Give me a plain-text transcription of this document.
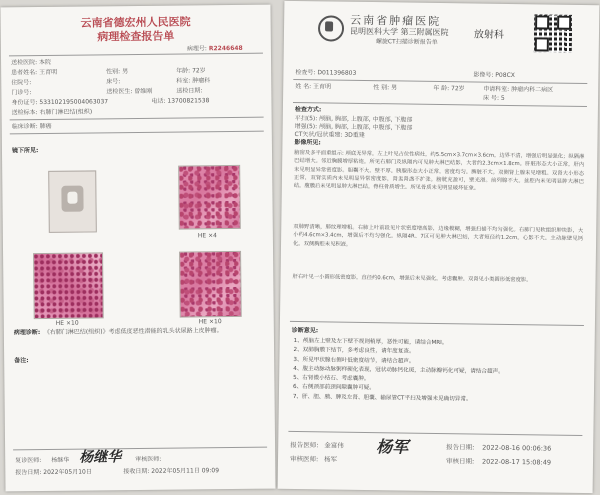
云南省德宏州人民医院
病理检查报告单
病理号: R2246648
送检医院: 本院
患者姓名: 王育明	性别: 男	年龄: 72岁
住院号:	床号:	科室: 肿瘤科
门诊号:	送检医生: 曾维刚	送检日期:
身份证号: 533102195004063037	电话: 13700821538
送检标本: 右肺门淋巴结(组织)
临床诊断: 肺癌
镜下所见:
HE ×4
HE ×10	HE ×10
病理诊断: 《右肺门淋巴结(组织)》考虑低度恶性潜能的乳头状尿路上皮肿瘤。
备注:
复诊医师: 杨继华 杨继华 审核医师:
报告日期: 2022年05月10日	接收日期: 2022年05月11日 09:09
云南省肿瘤医院
昆明医科大学 第三附属医院	放射科
螺旋CT扫描诊断报告单
检查号: D011396803	影像号: P08CX
姓 名: 王育明	性 别: 男	年 龄: 72岁	申请科室: 肿瘤内科二病区
床 号: 5
检查方式:
平扫(5): 颅脑, 胸部, 上腹部, 中腹部, 下腹部
增强(5): 颅脑, 胸部, 上腹部, 中腹部, 下腹部
CT矢状/冠状重建: 3D重建
影像所见:
脑窗及多平面重组示: 颅底无异常。左上叶见占位性病灶，约5.5cm×3.7cm×3.6cm，边界不清，增强后明显强化；纵隔淋巴结增大。邻近胸膜增厚粘连。所见右肺门及纵隔内可见肿大淋巴结影，大者约2.3cm×1.8cm。肝脏形态大小正常，肝内未见明显异常密度影。胆囊不大，壁不厚。胰腺形态大小正常，密度均匀。脾脏不大。双侧肾上腺未见增粗。双肾大小形态正常，双肾实质内未见明显异常密度影，肾盂肾盏不扩张。膀胱充盈可，壁光滑。前列腺不大。盆腔内未见明显肿大淋巴结。腹膜后未见明显肿大淋巴结。脊柱骨质增生。所见骨质未见明显破坏征象。
双肺野清晰，肺纹理增粗。右肺上叶前段见片状密度增高影，边缘模糊，增强扫描不均匀强化。右肺门见软组织肿块影，大小约4.6cm×3.4cm，增强后不均匀强化。纵隔4R、7区可见肿大淋巴结，大者短径约1.2cm。心影不大。主动脉壁见钙化。双侧胸腔未见积液。
肝右叶见一小圆形低密度影，直径约0.6cm，增强后未见强化，考虑囊肿。双肾见小类圆形低密度影。
诊断意见:
1、颅脑左上壁及左下壁不规则稍厚，恶性可能，请结合MRI。
2、双肺胸膜下结节，多考虑良性，请年度复查。
3、所见甲状腺右侧叶低密度结节，请结合超声。
4、腹主动脉动脉粥样硬化表现，冠状动脉钙化斑，主动脉瓣钙化可疑，请结合超声。
5、右肾微小结石、考虑囊肿。
6、右侧颈部前颈间隙囊肿可疑。
7、肝、胆、胰、脾及左肾、胆囊、输尿管CT平扫及增强未见确切异常。
报告医师: 金富伟 杨军	报告日期: 2022-08-16 00:06:36
审核医师: 杨军	审核日期: 2022-08-17 15:08:49
